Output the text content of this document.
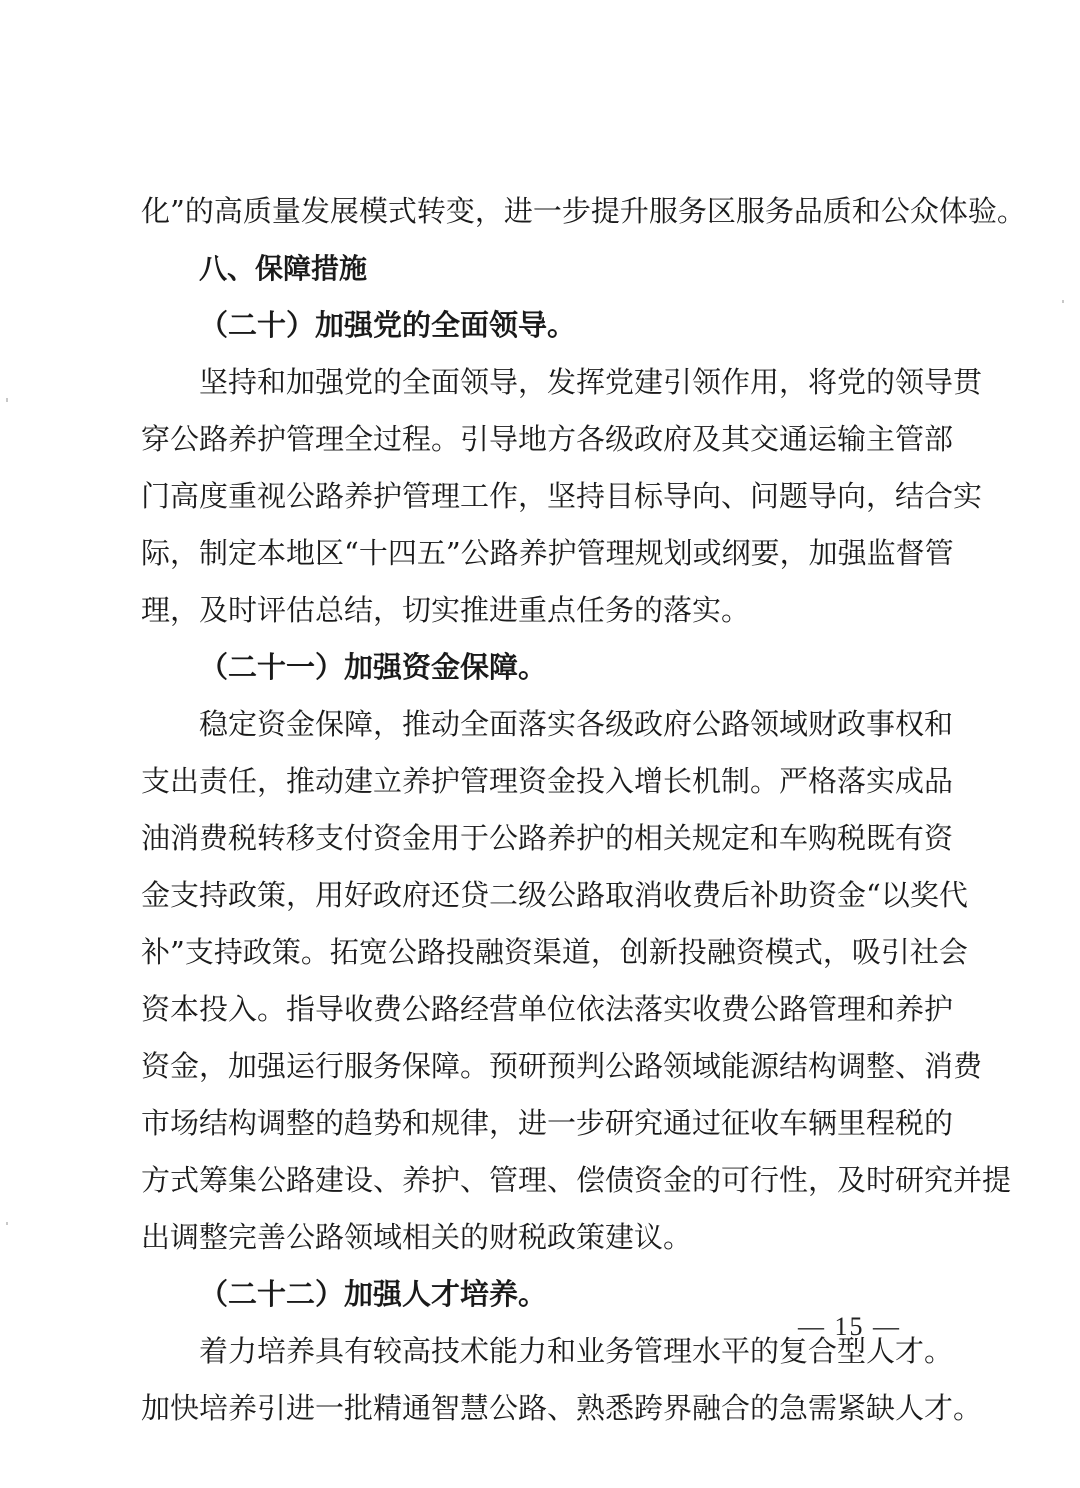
化”的高质量发展模式转变，进一步提升服务区服务品质和公众体验。
八、保障措施
（二十）加强党的全面领导。
坚持和加强党的全面领导，发挥党建引领作用，将党的领导贯
穿公路养护管理全过程。引导地方各级政府及其交通运输主管部
门高度重视公路养护管理工作，坚持目标导向、问题导向，结合实
际，制定本地区“十四五”公路养护管理规划或纲要，加强监督管
理，及时评估总结，切实推进重点任务的落实。
（二十一）加强资金保障。
稳定资金保障，推动全面落实各级政府公路领域财政事权和
支出责任，推动建立养护管理资金投入增长机制。严格落实成品
油消费税转移支付资金用于公路养护的相关规定和车购税既有资
金支持政策，用好政府还贷二级公路取消收费后补助资金“以奖代
补”支持政策。拓宽公路投融资渠道，创新投融资模式，吸引社会
资本投入。指导收费公路经营单位依法落实收费公路管理和养护
资金，加强运行服务保障。预研预判公路领域能源结构调整、消费
市场结构调整的趋势和规律，进一步研究通过征收车辆里程税的
方式筹集公路建设、养护、管理、偿债资金的可行性，及时研究并提
出调整完善公路领域相关的财税政策建议。
（二十二）加强人才培养。
着力培养具有较高技术能力和业务管理水平的复合型人才。
加快培养引进一批精通智慧公路、熟悉跨界融合的急需紧缺人才。
— 15 —
